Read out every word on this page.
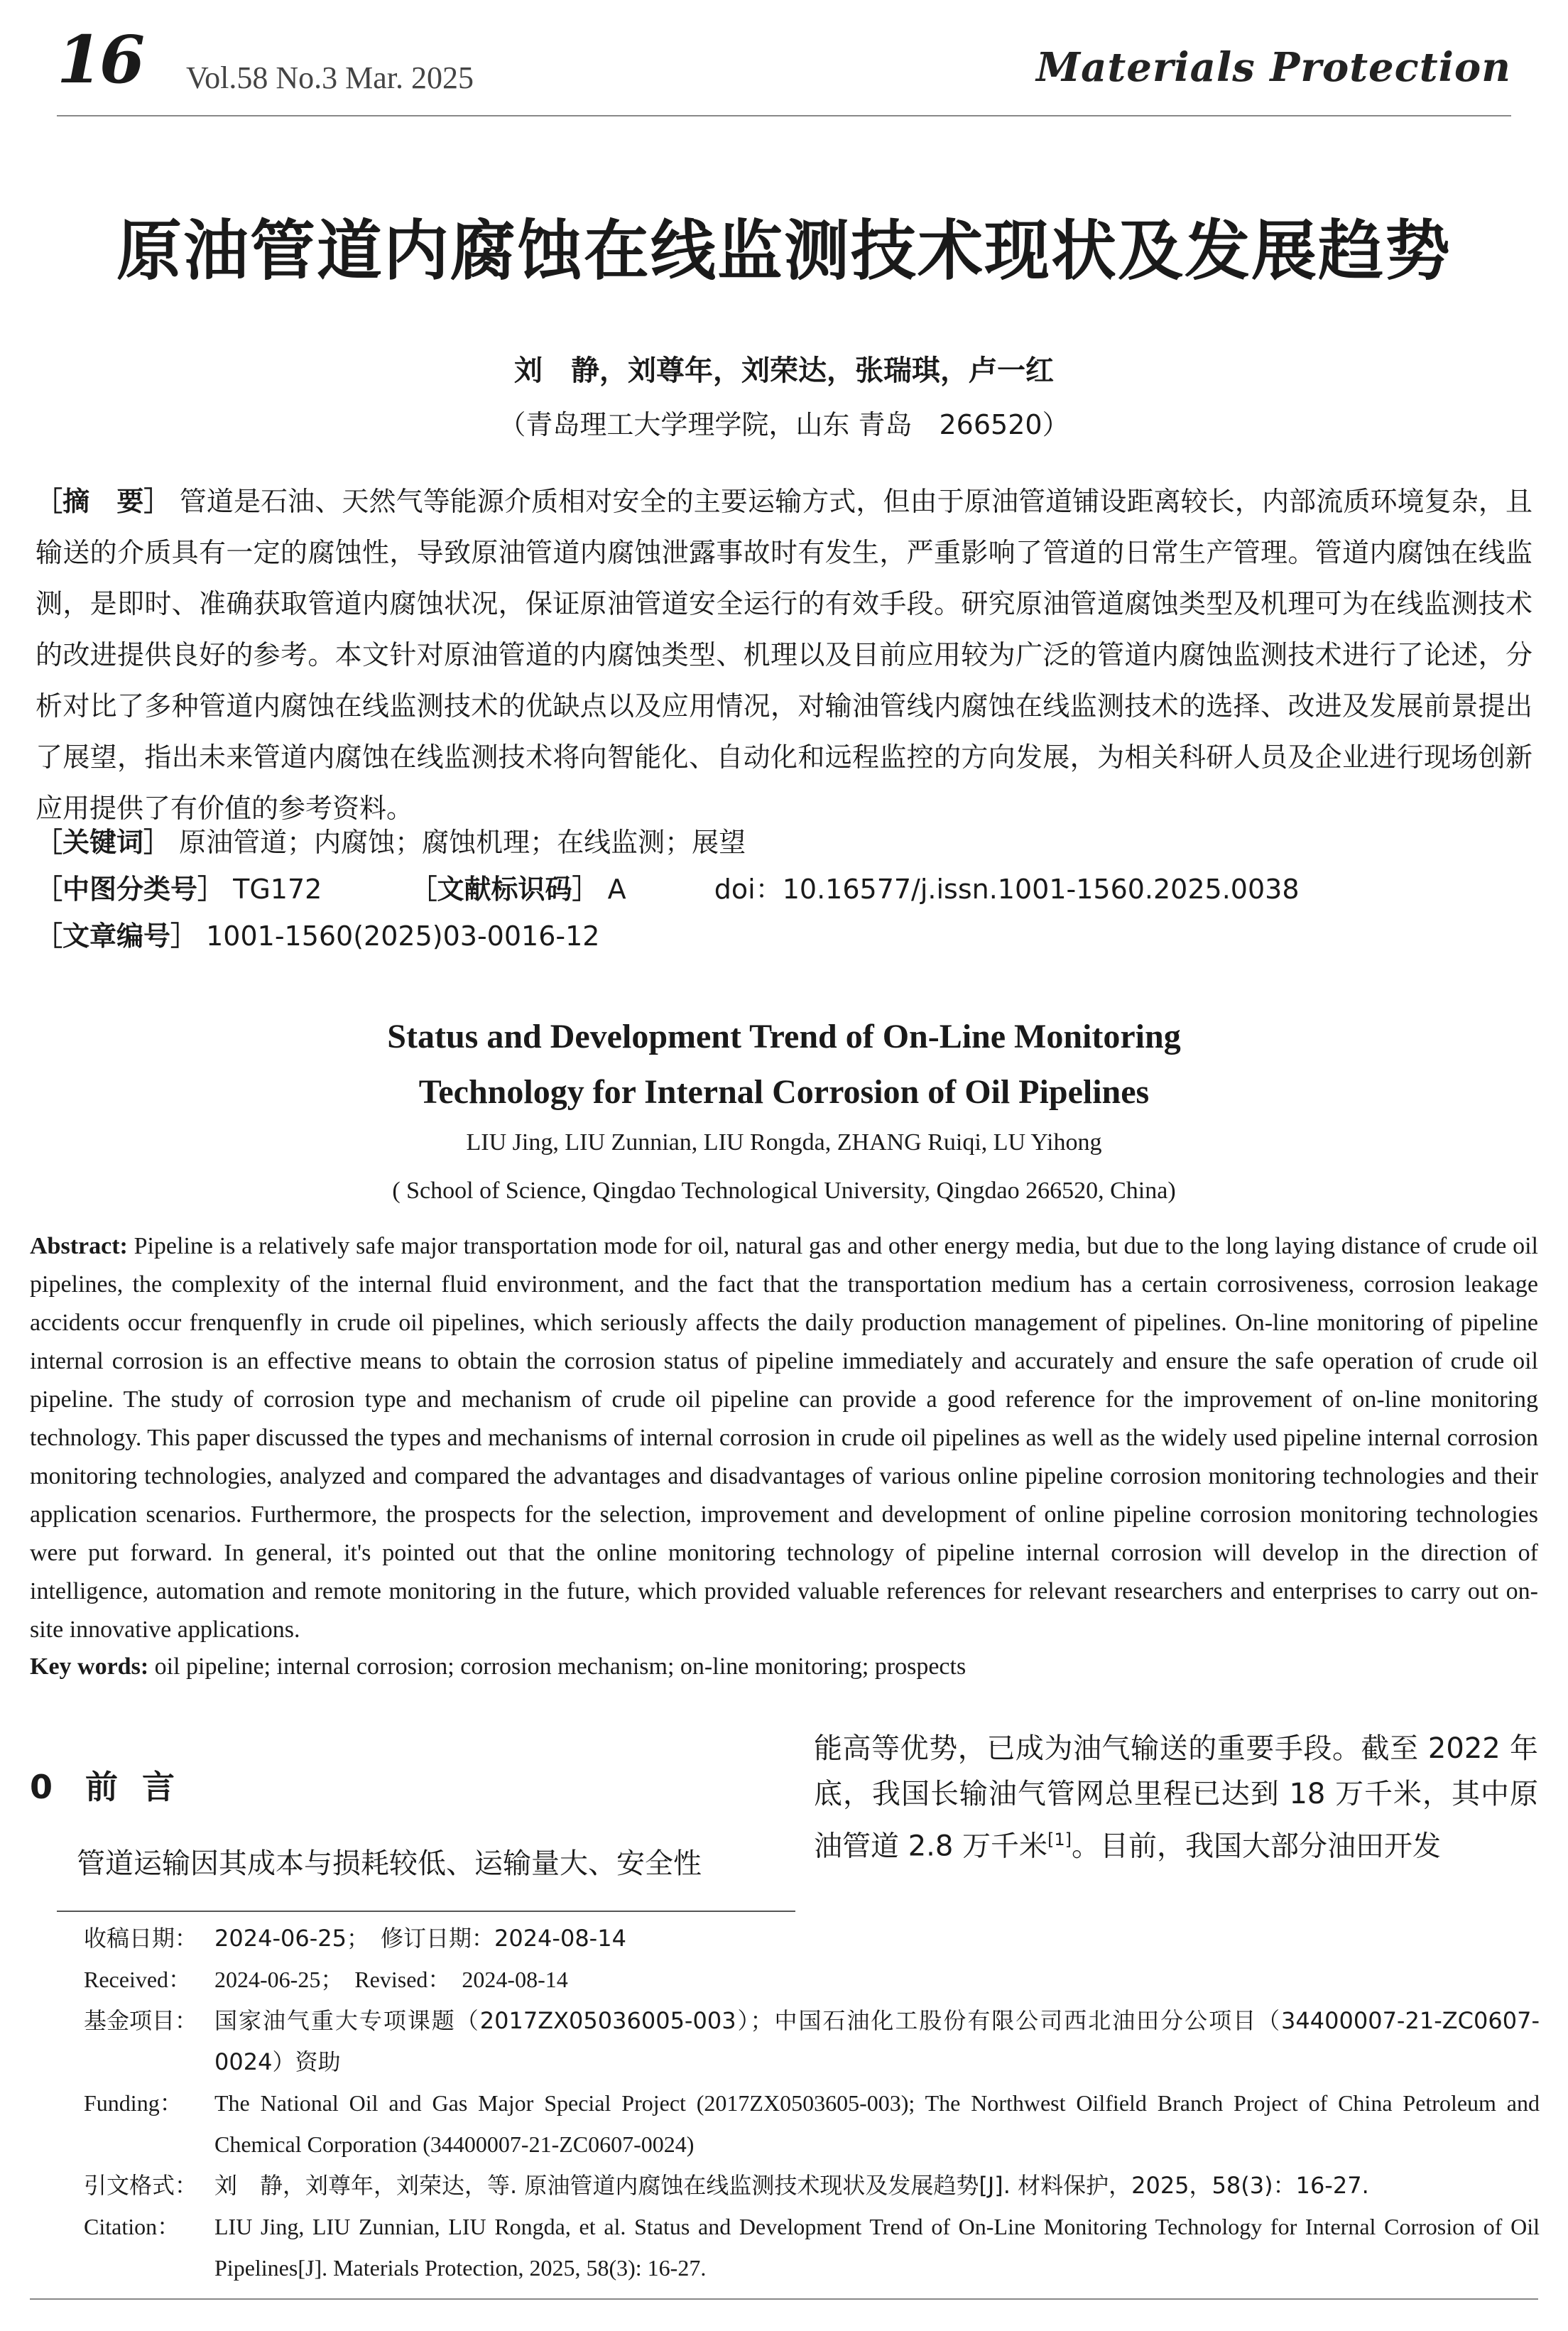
16 Vol.58 No.3 Mar. 2025	Materials Protection
原油管道内腐蚀在线监测技术现状及发展趋势
刘　静，刘尊年，刘荣达，张瑞琪，卢一红
（青岛理工大学理学院，山东 青岛　266520）
［摘　要］ 管道是石油、天然气等能源介质相对安全的主要运输方式，但由于原油管道铺设距离较长，内部流质环境复杂，且输送的介质具有一定的腐蚀性，导致原油管道内腐蚀泄露事故时有发生，严重影响了管道的日常生产管理。管道内腐蚀在线监测，是即时、准确获取管道内腐蚀状况，保证原油管道安全运行的有效手段。研究原油管道腐蚀类型及机理可为在线监测技术的改进提供良好的参考。本文针对原油管道的内腐蚀类型、机理以及目前应用较为广泛的管道内腐蚀监测技术进行了论述，分析对比了多种管道内腐蚀在线监测技术的优缺点以及应用情况，对输油管线内腐蚀在线监测技术的选择、改进及发展前景提出了展望，指出未来管道内腐蚀在线监测技术将向智能化、自动化和远程监控的方向发展，为相关科研人员及企业进行现场创新应用提供了有价值的参考资料。
［关键词］ 原油管道；内腐蚀；腐蚀机理；在线监测；展望
［中图分类号］ TG172	［文献标识码］ A	doi：10.16577/j.issn.1001-1560.2025.0038
［文章编号］ 1001-1560(2025)03-0016-12
Status and Development Trend of On-Line Monitoring
Technology for Internal Corrosion of Oil Pipelines
LIU Jing, LIU Zunnian, LIU Rongda, ZHANG Ruiqi, LU Yihong
( School of Science, Qingdao Technological University, Qingdao 266520, China)
Abstract: Pipeline is a relatively safe major transportation mode for oil, natural gas and other energy media, but due to the long laying distance of crude oil pipelines, the complexity of the internal fluid environment, and the fact that the transportation medium has a certain corrosiveness, corrosion leakage accidents occur frenquenfly in crude oil pipelines, which seriously affects the daily production management of pipelines. On-line monitoring of pipeline internal corrosion is an effective means to obtain the corrosion status of pipeline immediately and accurately and ensure the safe operation of crude oil pipeline. The study of corrosion type and mechanism of crude oil pipeline can provide a good reference for the improvement of on-line monitoring technology. This paper discussed the types and mechanisms of internal corrosion in crude oil pipelines as well as the widely used pipeline internal corrosion monitoring technologies, analyzed and compared the advantages and disadvantages of various online pipeline corrosion monitoring technologies and their application scenarios. Furthermore, the prospects for the selection, improvement and development of online pipeline corrosion monitoring technologies were put forward. In general, it's pointed out that the online monitoring technology of pipeline internal corrosion will develop in the direction of intelligence, automation and remote monitoring in the future, which provided valuable references for relevant researchers and enterprises to carry out on-site innovative applications.
Key words: oil pipeline; internal corrosion; corrosion mechanism; on-line monitoring; prospects
0 前言
管道运输因其成本与损耗较低、运输量大、安全性
能高等优势，已成为油气输送的重要手段。截至 2022 年底，我国长输油气管网总里程已达到 18 万千米，其中原油管道 2.8 万千米[1]。目前，我国大部分油田开发
收稿日期： 2024-06-25；　修订日期：2024-08-14
Received：	2024-06-25；　Revised：　2024-08-14
基金项目： 国家油气重大专项课题（2017ZX05036005-003）；中国石油化工股份有限公司西北油田分公项目（34400007-21-ZC0607-0024）资助
Funding：	The National Oil and Gas Major Special Project (2017ZX0503605-003); The Northwest Oilfield Branch Project of China Petroleum and Chemical Corporation (34400007-21-ZC0607-0024)
引文格式： 刘　静，刘尊年，刘荣达，等. 原油管道内腐蚀在线监测技术现状及发展趋势[J]. 材料保护，2025，58(3)：16-27.
Citation：	LIU Jing, LIU Zunnian, LIU Rongda, et al. Status and Development Trend of On-Line Monitoring Technology for Internal Corrosion of Oil Pipelines[J]. Materials Protection, 2025, 58(3): 16-27.
